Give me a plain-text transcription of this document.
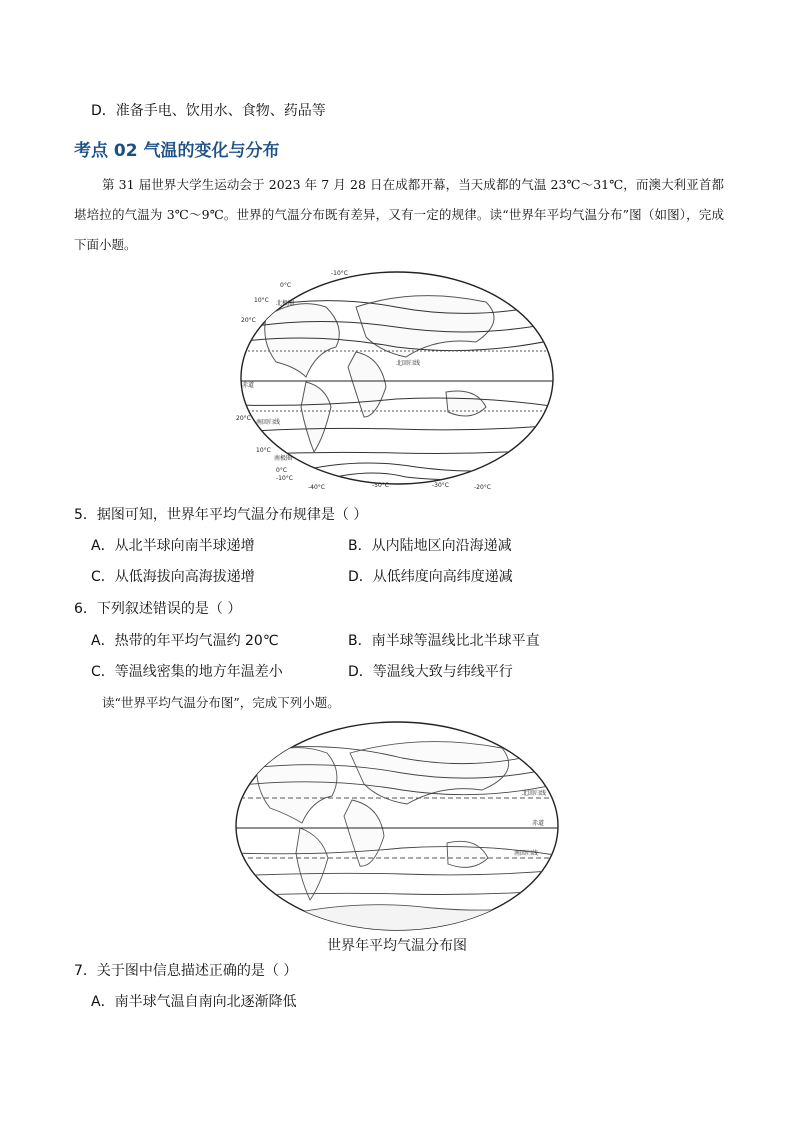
D．准备手电、饮用水、食物、药品等
考点 02 气温的变化与分布
第 31 届世界大学生运动会于 2023 年 7 月 28 日在成都开幕，当天成都的气温 23℃～31℃，而澳大利亚首都堪培拉的气温为 3℃～9℃。世界的气温分布既有差异，又有一定的规律。读“世界年平均气温分布”图（如图），完成下面小题。
北极圈
北回归线
赤道
南回归线
南极圈
-10°C
0°C
10°C
20°C
20°C
10°C
0°C
-10°C
-40°C	-50°C	-30°C	-20°C
5．据图可知，世界年平均气温分布规律是（ ）
A．从北半球向南半球递增	B．从内陆地区向沿海递减
C．从低海拔向高海拔递增	D．从低纬度向高纬度递减
6．下列叙述错误的是（ ）
A．热带的年平均气温约 20℃	B．南半球等温线比北半球平直
C．等温线密集的地方年温差小	D．等温线大致与纬线平行
读“世界平均气温分布图”，完成下列小题。
北回归线
赤道
南回归线
世界年平均气温分布图
7．关于图中信息描述正确的是（ ）
A．南半球气温自南向北逐渐降低
